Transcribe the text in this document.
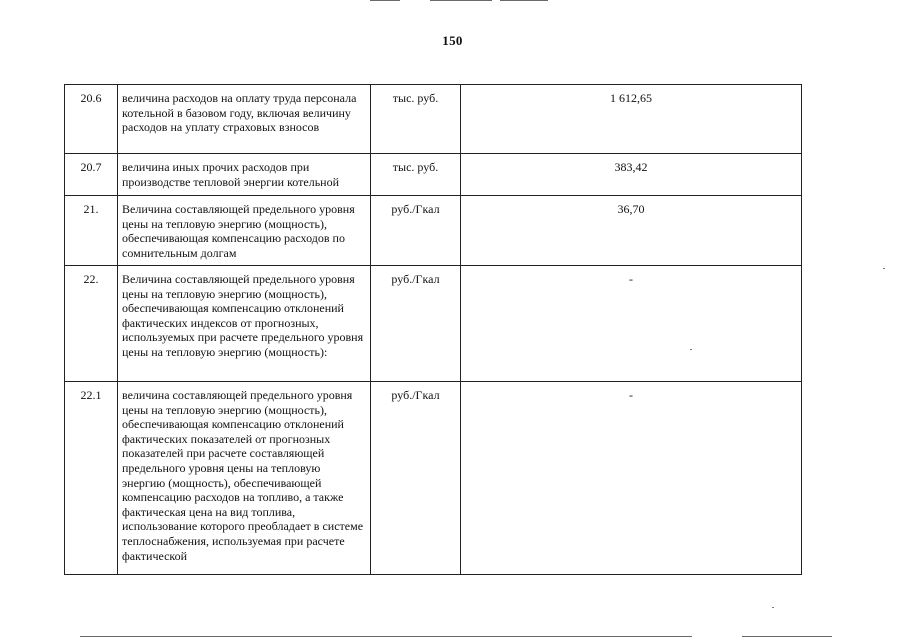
150
20.6	величина расходов на оплату труда персонала котельной в базовом году, включая величину расходов на уплату страховых взносов	тыс. руб.	1 612,65
20.7	величина иных прочих расходов при производстве тепловой энергии котельной	тыс. руб.	383,42
21.	Величина составляющей предельного уровня цены на тепловую энергию (мощность), обеспечивающая компенсацию расходов по сомнительным долгам	руб./Гкал	36,70
22.	Величина составляющей предельного уровня цены на тепловую энергию (мощность), обеспечивающая компенсацию отклонений фактических индексов от прогнозных, используемых при расчете предельного уровня цены на тепловую энергию (мощность):	руб./Гкал	-
22.1	величина составляющей предельного уровня цены на тепловую энергию (мощность), обеспечивающая компенсацию отклонений фактических показателей от прогнозных показателей при расчете составляющей предельного уровня цены на тепловую энергию (мощность), обеспечивающей компенсацию расходов на топливо, а также фактическая цена на вид топлива, использование которого преобладает в системе теплоснабжения, используемая при расчете фактической	руб./Гкал	-
